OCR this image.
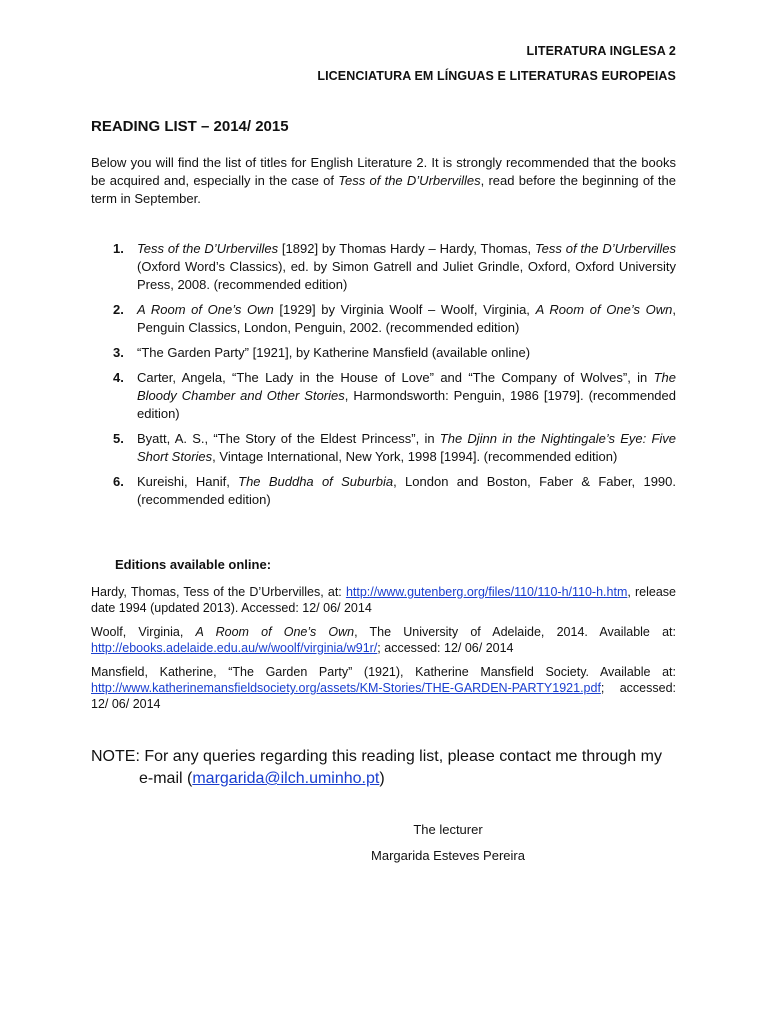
LITERATURA INGLESA 2
LICENCIATURA EM LÍNGUAS E LITERATURAS EUROPEIAS
READING LIST – 2014/ 2015
Below you will find the list of titles for English Literature 2. It is strongly recommended that the books be acquired and, especially in the case of Tess of the D’Urbervilles, read before the beginning of the term in September.
1. Tess of the D’Urbervilles [1892] by Thomas Hardy – Hardy, Thomas, Tess of the D’Urbervilles (Oxford Word’s Classics), ed. by Simon Gatrell and Juliet Grindle, Oxford, Oxford University Press, 2008. (recommended edition)
2. A Room of One’s Own [1929] by Virginia Woolf – Woolf, Virginia, A Room of One’s Own, Penguin Classics, London, Penguin, 2002. (recommended edition)
3. “The Garden Party” [1921], by Katherine Mansfield (available online)
4. Carter, Angela, “The Lady in the House of Love” and “The Company of Wolves”, in The Bloody Chamber and Other Stories, Harmondsworth: Penguin, 1986 [1979]. (recommended edition)
5. Byatt, A. S., “The Story of the Eldest Princess”, in The Djinn in the Nightingale’s Eye: Five Short Stories, Vintage International, New York, 1998 [1994]. (recommended edition)
6. Kureishi, Hanif, The Buddha of Suburbia, London and Boston, Faber & Faber, 1990. (recommended edition)
Editions available online:
Hardy, Thomas, Tess of the D’Urbervilles, at: http://www.gutenberg.org/files/110/110-h/110-h.htm, release date 1994 (updated 2013). Accessed: 12/ 06/ 2014
Woolf, Virginia, A Room of One’s Own, The University of Adelaide, 2014. Available at: http://ebooks.adelaide.edu.au/w/woolf/virginia/w91r/; accessed: 12/ 06/ 2014
Mansfield, Katherine, “The Garden Party” (1921), Katherine Mansfield Society. Available at: http://www.katherinemansfieldsociety.org/assets/KM-Stories/THE-GARDEN-PARTY1921.pdf; accessed: 12/ 06/ 2014
NOTE: For any queries regarding this reading list, please contact me through my
e-mail (margarida@ilch.uminho.pt)
The lecturer
Margarida Esteves Pereira
